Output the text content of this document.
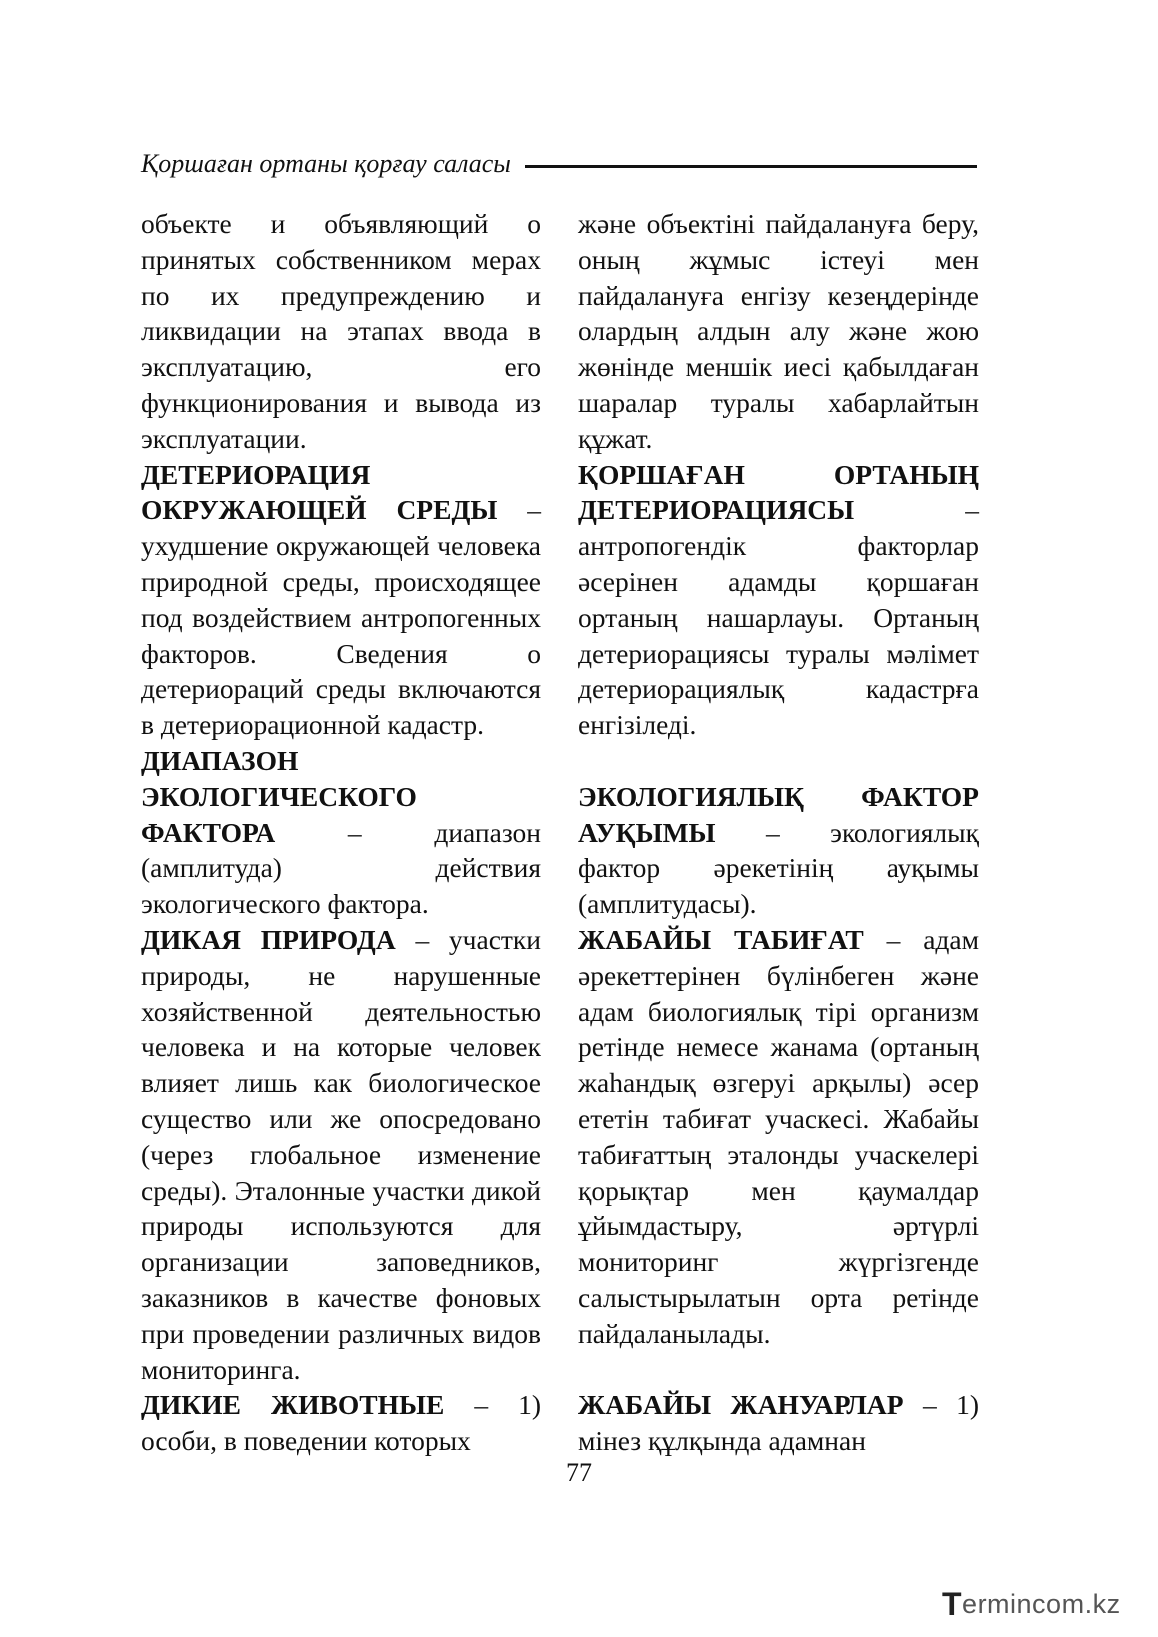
Қоршаған ортаны қорғау саласы

объекте и объявляющий о принятых собственником мерах по их предупреждению и ликвидации на этапах ввода в эксплуатацию, его функционирования и вывода из эксплуатации.

ДЕТЕРИОРАЦИЯ ОКРУЖАЮЩЕЙ СРЕДЫ – ухудшение окружающей человека природной среды, происходящее под воздействием антропогенных факторов. Сведения о детериораций среды включаются в детериорационной кадастр.

ДИАПАЗОН ЭКОЛОГИЧЕСКОГО ФАКТОРА – диапазон (амплитуда) действия экологического фактора.

ДИКАЯ ПРИРОДА – участки природы, не нарушенные хозяйственной деятельностью человека и на которые человек влияет лишь как биологическое существо или же опосредовано (через глобальное изменение среды). Эталонные участки дикой природы используются для организации заповедников, заказников в качестве фоновых при проведении различных видов мониторинга.

ДИКИЕ ЖИВОТНЫЕ – 1) особи, в поведении которых

және объектіні пайдалануға беру, оның жұмыс істеуі мен пайдалануға енгізу кезеңдерінде олардың алдын алу және жою жөнінде меншік иесі қабылдаған шаралар туралы хабарлайтын құжат.

ҚОРШАҒАН ОРТАНЫҢ ДЕТЕРИОРАЦИЯСЫ – антропогендік факторлар әсерінен адамды қоршаған ортаның нашарлауы. Ортаның детериорациясы туралы мәлімет детериорациялық кадастрға енгізіледі.

ЭКОЛОГИЯЛЫҚ ФАКТОР АУҚЫМЫ – экологиялық фактор әрекетінің ауқымы (амплитудасы).

ЖАБАЙЫ ТАБИҒАТ – адам әрекеттерінен бүлінбеген және адам биологиялық тірі организм ретінде немесе жанама (ортаның жаһандық өзгеруі арқылы) әсер ететін табиғат учаскесі. Жабайы табиғаттың эталонды учаскелері қорықтар мен қаумалдар ұйымдастыру, әртүрлі мониторинг жүргізгенде салыстырылатын орта ретінде пайдаланылады.

ЖАБАЙЫ ЖАНУАРЛАР – 1) мінез құлқында адамнан

77
T ermincom.kz
